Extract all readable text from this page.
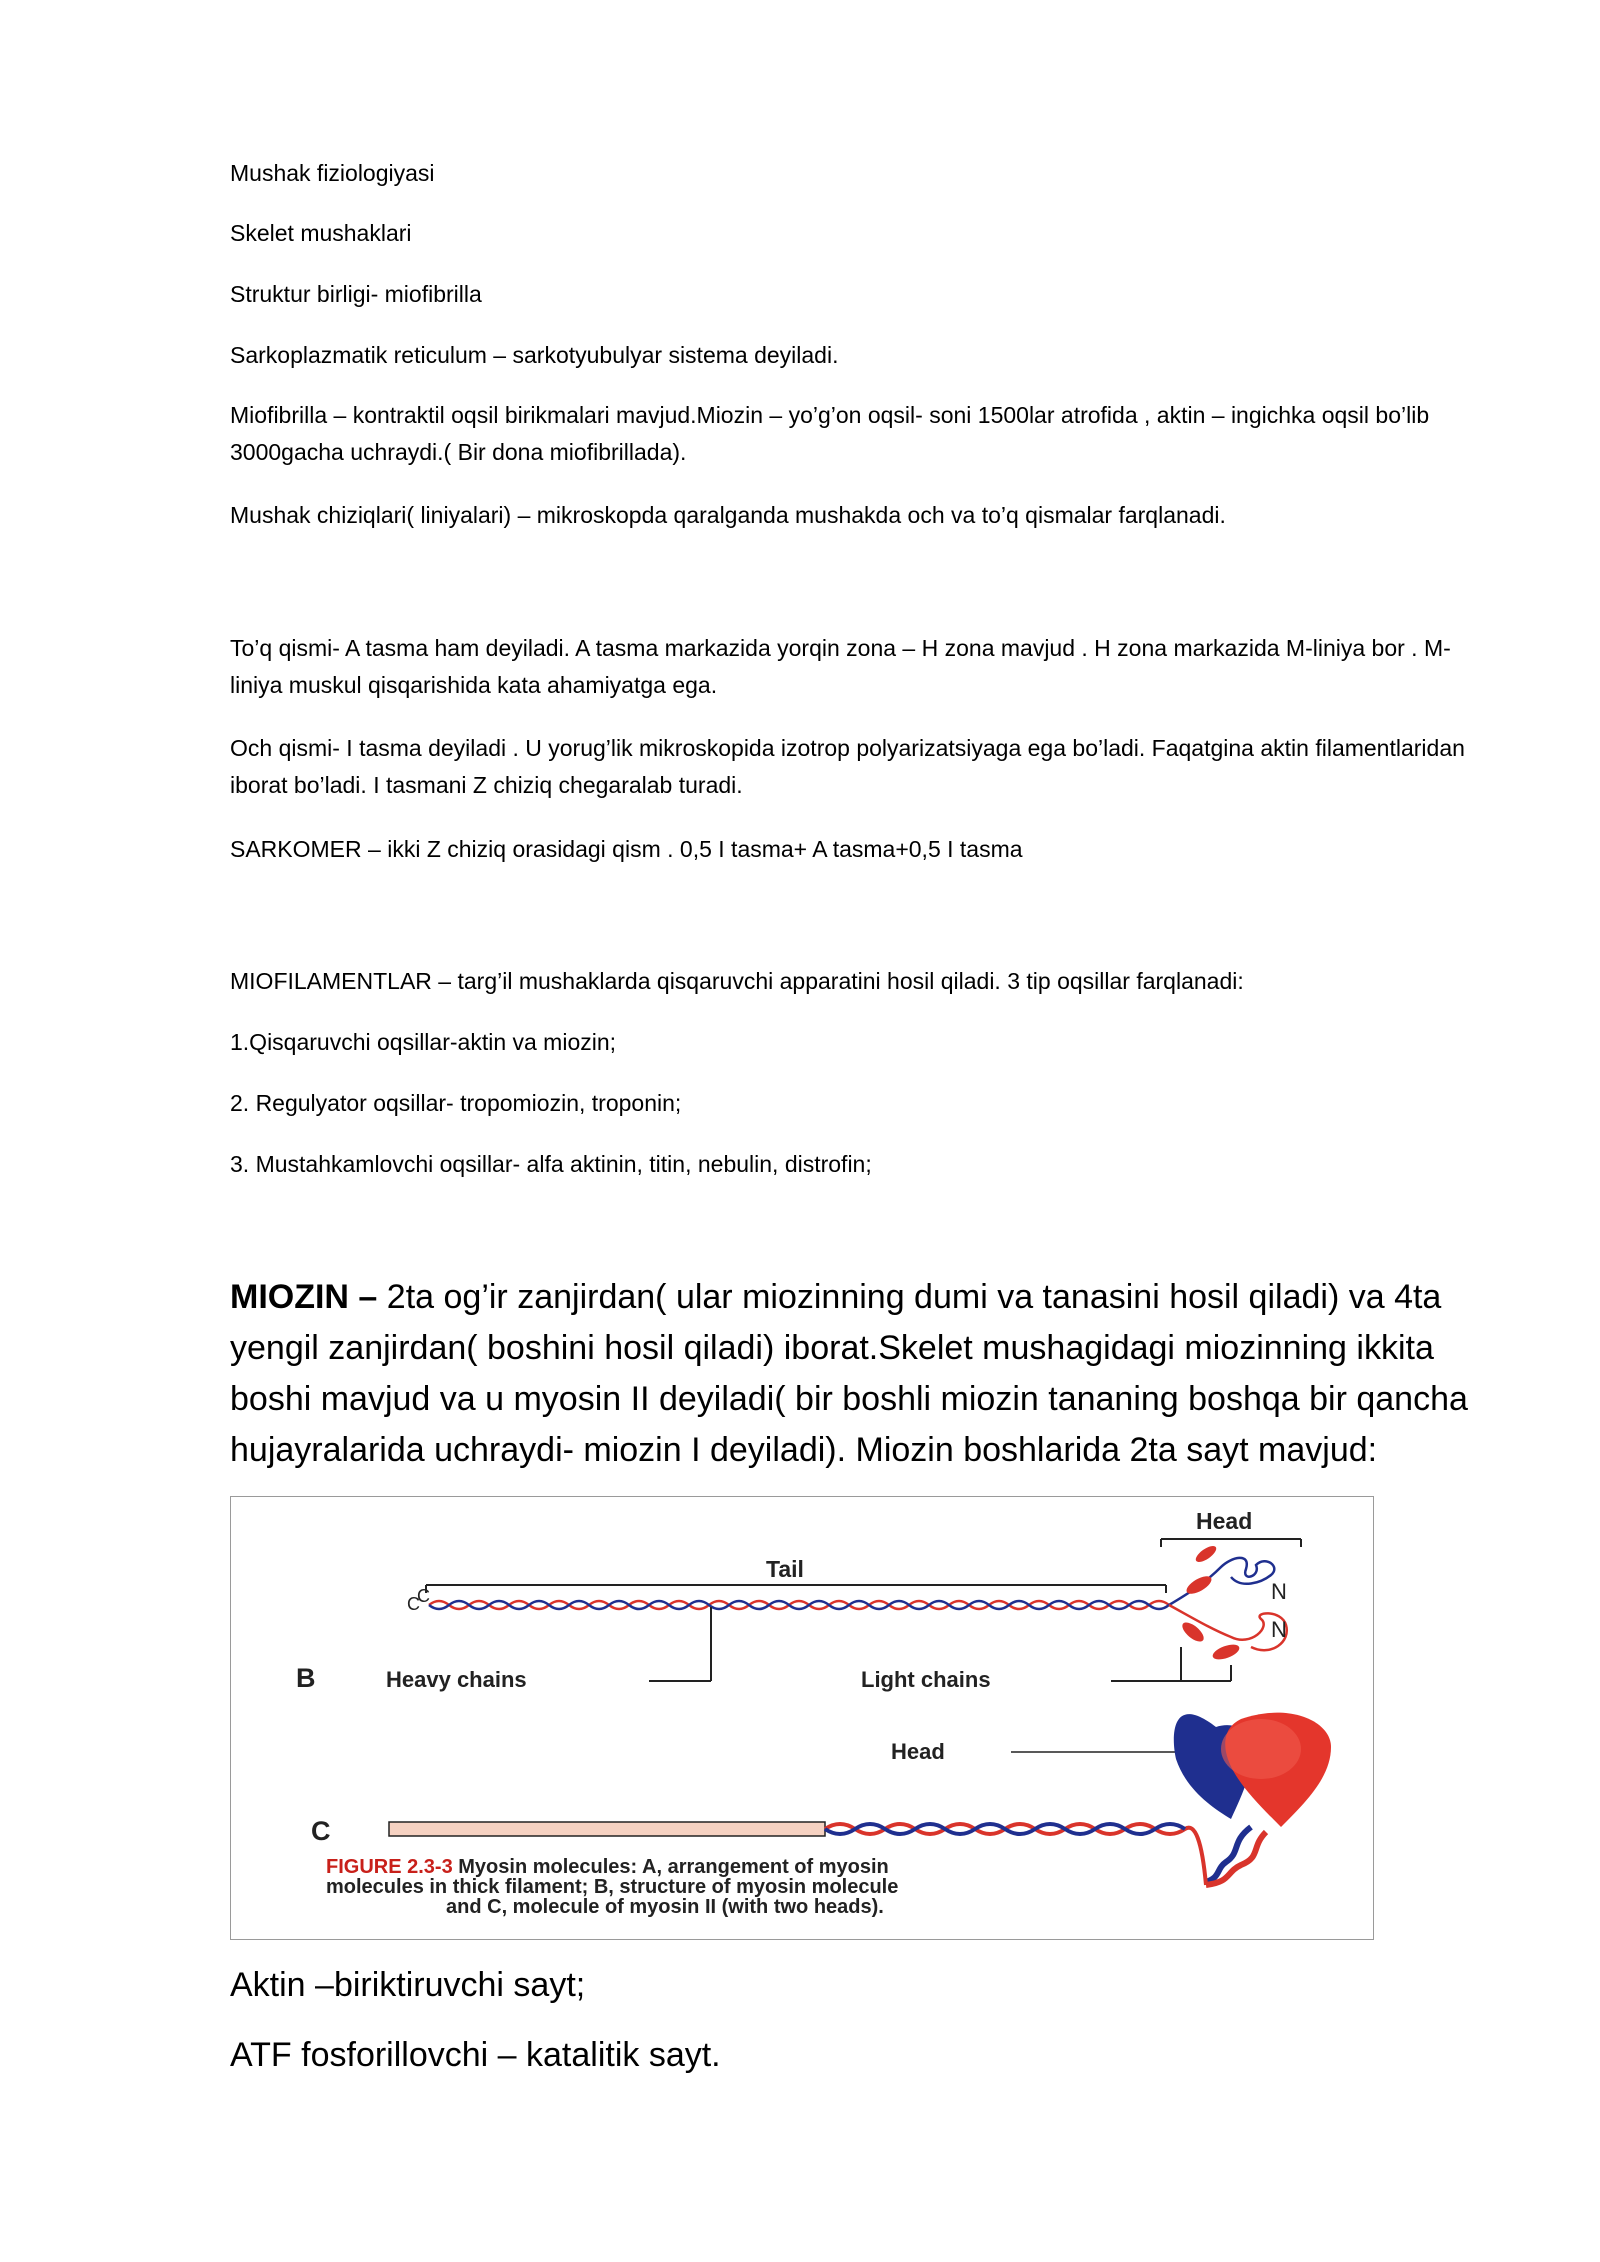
Mushak fiziologiyasi

Skelet mushaklari

Struktur birligi- miofibrilla

Sarkoplazmatik reticulum – sarkotyubulyar sistema deyiladi.

Miofibrilla – kontraktil oqsil birikmalari mavjud.Miozin – yo’g’on oqsil- soni 1500lar atrofida , aktin – ingichka oqsil bo’lib 3000gacha uchraydi.( Bir dona miofibrillada).

Mushak chiziqlari( liniyalari) – mikroskopda qaralganda mushakda och va to’q qismalar farqlanadi.

To’q qismi- A tasma ham deyiladi. A tasma markazida yorqin zona – H zona mavjud . H zona markazida M-liniya bor . M- liniya muskul qisqarishida kata ahamiyatga ega.

Och qismi- I tasma deyiladi . U yorug’lik mikroskopida izotrop polyarizatsiyaga ega bo’ladi. Faqatgina aktin filamentlaridan iborat bo’ladi. I tasmani Z chiziq chegaralab turadi.

SARKOMER – ikki Z chiziq orasidagi qism . 0,5 I tasma+ A tasma+0,5 I tasma

MIOFILAMENTLAR – targ’il mushaklarda qisqaruvchi apparatini hosil qiladi. 3 tip oqsillar farqlanadi:

1.Qisqaruvchi oqsillar-aktin va miozin;

2. Regulyator oqsillar- tropomiozin, troponin;

3. Mustahkamlovchi oqsillar- alfa aktinin, titin, nebulin, distrofin;

MIOZIN – 2ta og’ir zanjirdan( ular miozinning dumi va tanasini hosil qiladi) va 4ta yengil zanjirdan( boshini hosil qiladi) iborat.Skelet mushagidagi miozinning ikkita boshi mavjud va u myosin II deyiladi( bir boshli miozin tananing boshqa bir qancha hujayralarida uchraydi- miozin I deyiladi). Miozin boshlarida 2ta sayt mavjud:

Head
Tail
C
C	N
N
B	Heavy chains	Light chains
Head
C
FIGURE 2.3-3 Myosin molecules: A, arrangement of myosin
molecules in thick filament; B, structure of myosin molecule
and C, molecule of myosin II (with two heads).

Aktin –biriktiruvchi sayt;

ATF fosforillovchi – katalitik sayt.
